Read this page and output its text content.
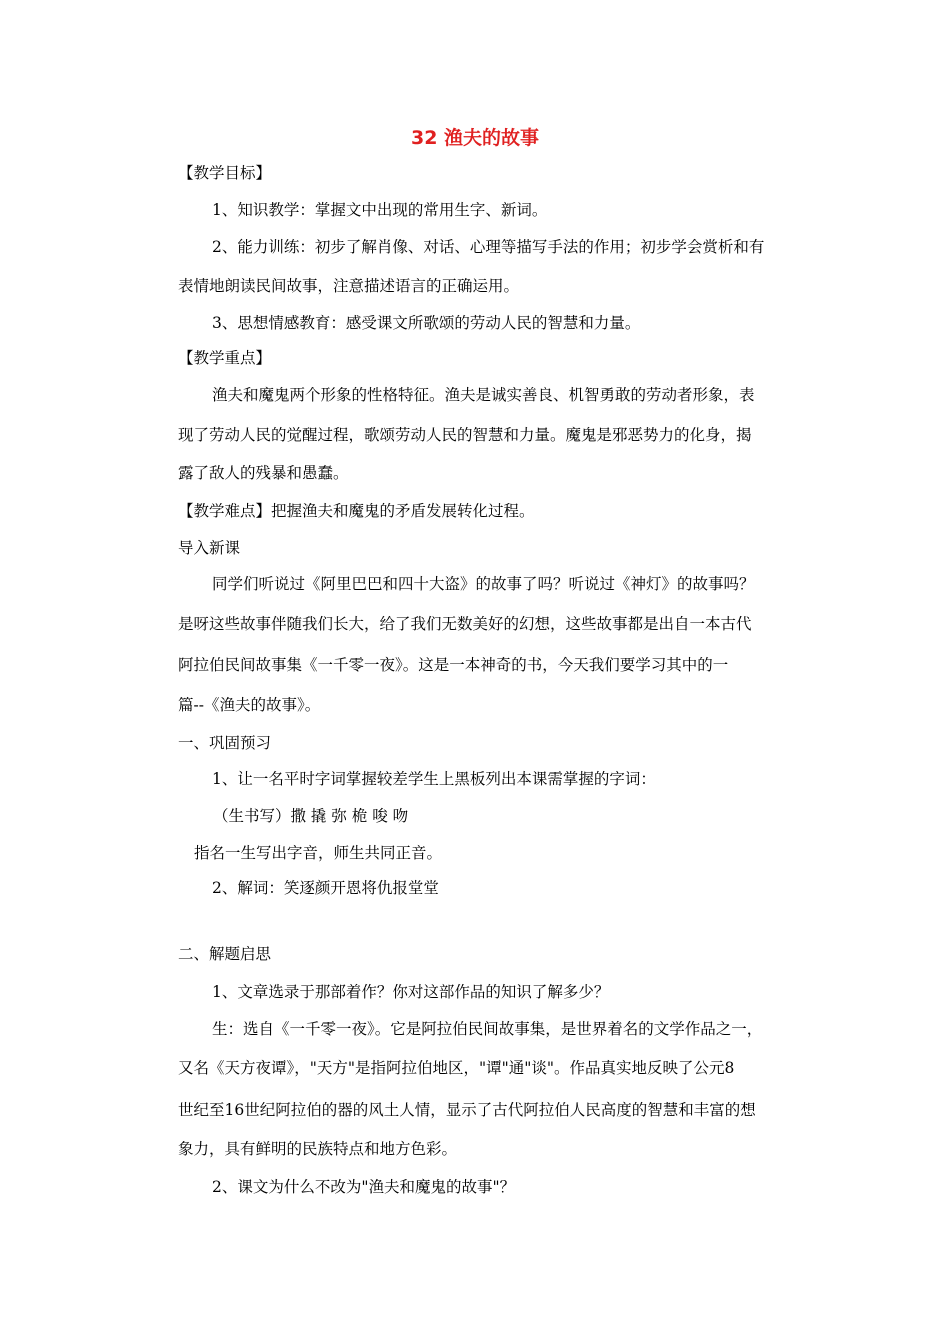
32 渔夫的故事

【教学目标】

1、知识教学：掌握文中出现的常用生字、新词。

2、能力训练：初步了解肖像、对话、心理等描写手法的作用；初步学会赏析和有

表情地朗读民间故事，注意描述语言的正确运用。

3、思想情感教育：感受课文所歌颂的劳动人民的智慧和力量。

【教学重点】

渔夫和魔鬼两个形象的性格特征。渔夫是诚实善良、机智勇敢的劳动者形象，表

现了劳动人民的觉醒过程，歌颂劳动人民的智慧和力量。魔鬼是邪恶势力的化身，揭

露了敌人的残暴和愚蠢。

【教学难点】把握渔夫和魔鬼的矛盾发展转化过程。

导入新课

同学们听说过《阿里巴巴和四十大盗》的故事了吗？听说过《神灯》的故事吗？

是呀这些故事伴随我们长大，给了我们无数美好的幻想，这些故事都是出自一本古代

阿拉伯民间故事集《一千零一夜》。这是一本神奇的书，今天我们要学习其中的一

篇--《渔夫的故事》。

一、巩固预习

1、让一名平时字词掌握较差学生上黑板列出本课需掌握的字词：

（生书写）撒 撬 弥 桅 唆 吻

指名一生写出字音，师生共同正音。

2、解词：笑逐颜开恩将仇报堂堂

二、解题启思

1、文章选录于那部着作？你对这部作品的知识了解多少？

生：选自《一千零一夜》。它是阿拉伯民间故事集，是世界着名的文学作品之一，

又名《天方夜谭》，"天方"是指阿拉伯地区，"谭"通"谈"。作品真实地反映了公元8

世纪至16世纪阿拉伯的器的风土人情，显示了古代阿拉伯人民高度的智慧和丰富的想

象力，具有鲜明的民族特点和地方色彩。

2、课文为什么不改为"渔夫和魔鬼的故事"？
